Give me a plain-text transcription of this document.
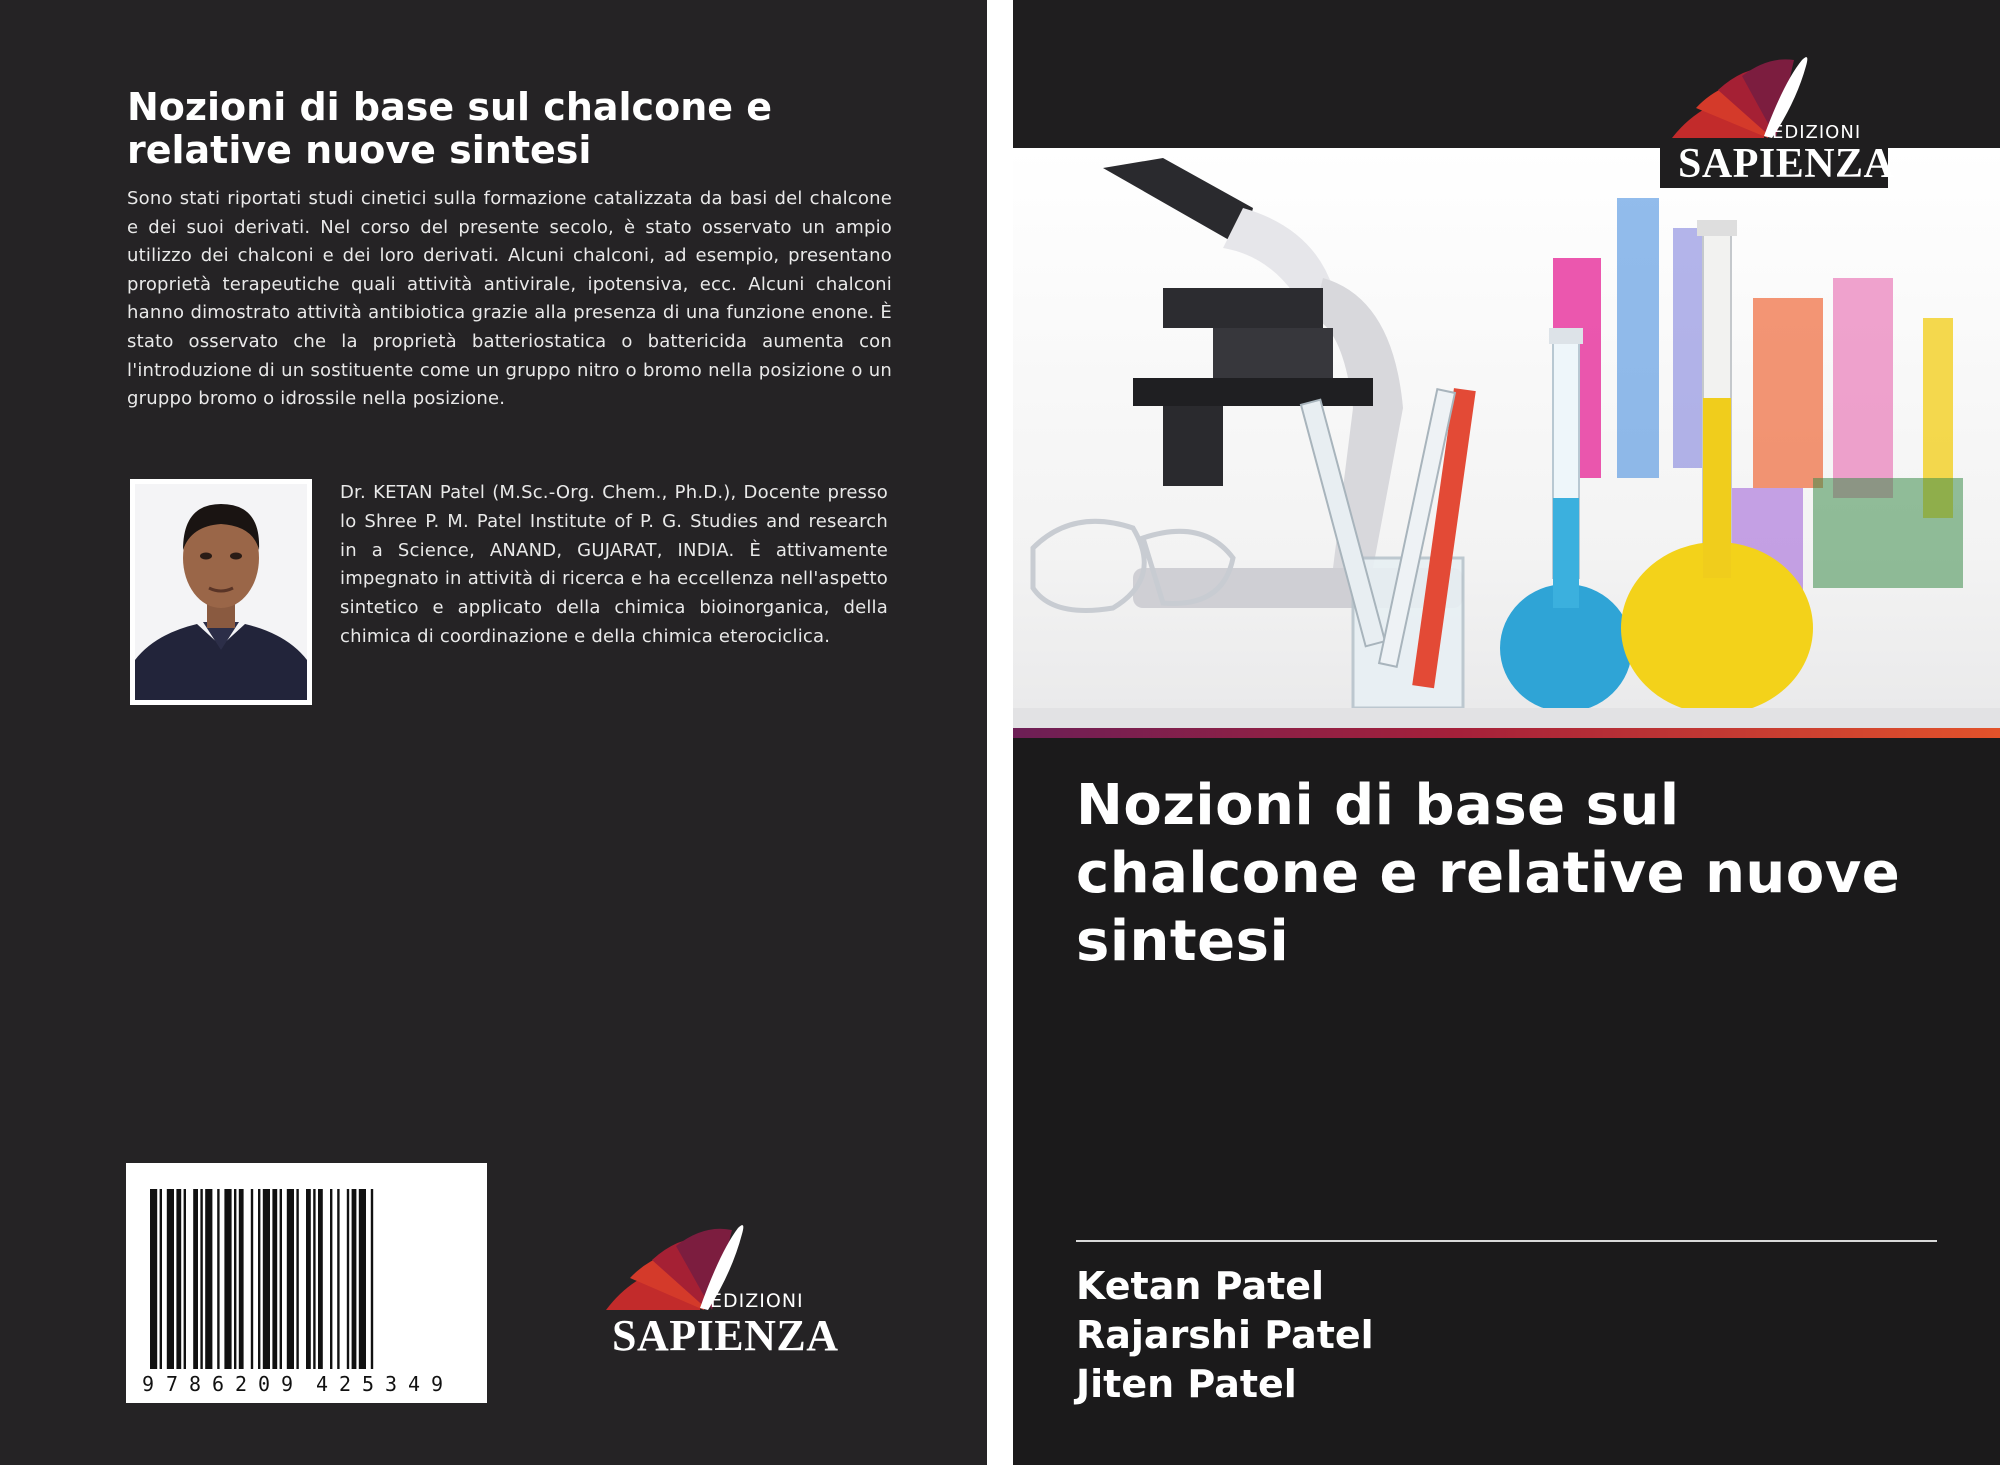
Nozioni di base sul chalcone e relative nuove sintesi
Sono stati riportati studi cinetici sulla formazione catalizzata da basi del chalcone e dei suoi derivati. Nel corso del presente secolo, è stato osservato un ampio utilizzo dei chalconi e dei loro derivati. Alcuni chalconi, ad esempio, presentano proprietà terapeutiche quali attività antivirale, ipotensiva, ecc. Alcuni chalconi hanno dimostrato attività antibiotica grazie alla presenza di una funzione enone. È stato osservato che la proprietà batteriostatica o battericida aumenta con l'introduzione di un sostituente come un gruppo nitro o bromo nella posizione o un gruppo bromo o idrossile nella posizione.
Dr. KETAN Patel (M.Sc.-Org. Chem., Ph.D.), Docente presso lo Shree P. M. Patel Institute of P. G. Studies and research in a Science, ANAND, GUJARAT, INDIA. È attivamente impegnato in attività di ricerca e ha eccellenza nell'aspetto sintetico e applicato della chimica bioinorganica, della chimica di coordinazione e della chimica eterociclica.
9 7 8 6 2 0 9 4 2 5 3 4 9
EDIZIONI
SAPIENZA
EDIZIONI
SAPIENZA
Nozioni di base sul chalcone e relative nuove sintesi
Ketan Patel
Rajarshi Patel
Jiten Patel
